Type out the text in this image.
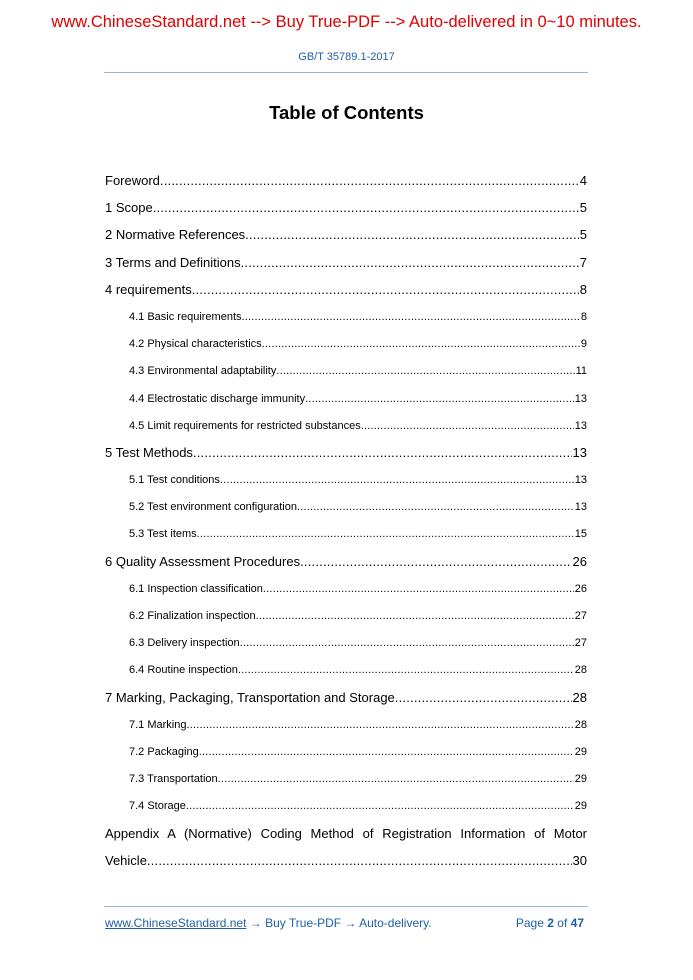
www.ChineseStandard.net --> Buy True-PDF --> Auto-delivered in 0~10 minutes.
GB/T 35789.1-2017
Table of Contents
Foreword .....	4
1 Scope .....	5
2 Normative References .....	5
3 Terms and Definitions .....	7
4 requirements .....	8
4.1 Basic requirements .....	8
4.2 Physical characteristics .....	9
4.3 Environmental adaptability .....	11
4.4 Electrostatic discharge immunity .....	13
4.5 Limit requirements for restricted substances .....	13
5 Test Methods .....	13
5.1 Test conditions .....	13
5.2 Test environment configuration .....	13
5.3 Test items .....	15
6 Quality Assessment Procedures .....	26
6.1 Inspection classification .....	26
6.2 Finalization inspection .....	27
6.3 Delivery inspection .....	27
6.4 Routine inspection .....	28
7 Marking, Packaging, Transportation and Storage .....	28
7.1 Marking .....	28
7.2 Packaging .....	29
7.3 Transportation .....	29
7.4 Storage .....	29
Appendix A (Normative) Coding Method of Registration Information of Motor
Vehicle .....	30
www.ChineseStandard.net → Buy True-PDF → Auto-delivery.	Page 2 of 47
